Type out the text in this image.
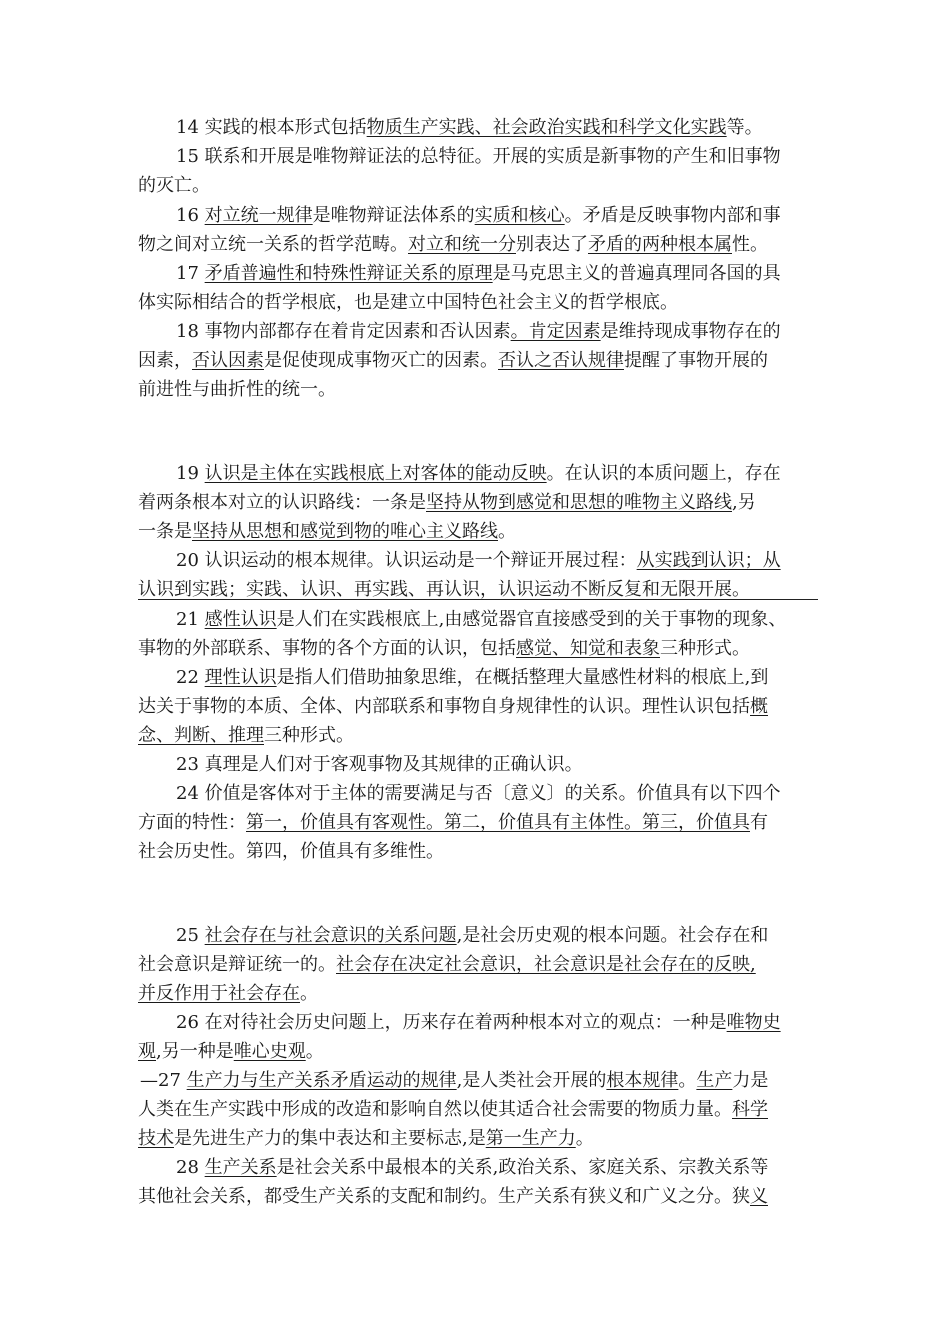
14 实践的根本形式包括物质生产实践、社会政治实践和科学文化实践等。
15 联系和开展是唯物辩证法的总特征。开展的实质是新事物的产生和旧事物
的灭亡。
16 对立统一规律是唯物辩证法体系的实质和核心。矛盾是反映事物内部和事
物之间对立统一关系的哲学范畴。对立和统一分别表达了矛盾的两种根本属性。
17 矛盾普遍性和特殊性辩证关系的原理是马克思主义的普遍真理同各国的具
体实际相结合的哲学根底，也是建立中国特色社会主义的哲学根底。
18 事物内部都存在着肯定因素和否认因素。肯定因素是维持现成事物存在的
因素，否认因素是促使现成事物灭亡的因素。否认之否认规律提醒了事物开展的
前进性与曲折性的统一。
19 认识是主体在实践根底上对客体的能动反映。在认识的本质问题上，存在
着两条根本对立的认识路线：一条是坚持从物到感觉和思想的唯物主义路线,另
一条是坚持从思想和感觉到物的唯心主义路线。
20 认识运动的根本规律。认识运动是一个辩证开展过程：从实践到认识；从
认识到实践；实践、认识、再实践、再认识，认识运动不断反复和无限开展。
21 感性认识是人们在实践根底上,由感觉器官直接感受到的关于事物的现象、
事物的外部联系、事物的各个方面的认识，包括感觉、知觉和表象三种形式。
22 理性认识是指人们借助抽象思维，在概括整理大量感性材料的根底上,到
达关于事物的本质、全体、内部联系和事物自身规律性的认识。理性认识包括概
念、判断、推理三种形式。
23 真理是人们对于客观事物及其规律的正确认识。
24 价值是客体对于主体的需要满足与否〔意义〕的关系。价值具有以下四个
方面的特性：第一，价值具有客观性。第二，价值具有主体性。第三，价值具有
社会历史性。第四，价值具有多维性。
25 社会存在与社会意识的关系问题,是社会历史观的根本问题。社会存在和
社会意识是辩证统一的。社会存在决定社会意识，社会意识是社会存在的反映,
并反作用于社会存在。
26 在对待社会历史问题上，历来存在着两种根本对立的观点：一种是唯物史
观,另一种是唯心史观。
—27 生产力与生产关系矛盾运动的规律,是人类社会开展的根本规律。生产力是
人类在生产实践中形成的改造和影响自然以使其适合社会需要的物质力量。科学
技术是先进生产力的集中表达和主要标志,是第一生产力。
28 生产关系是社会关系中最根本的关系,政治关系、家庭关系、宗教关系等
其他社会关系，都受生产关系的支配和制约。生产关系有狭义和广义之分。狭义
